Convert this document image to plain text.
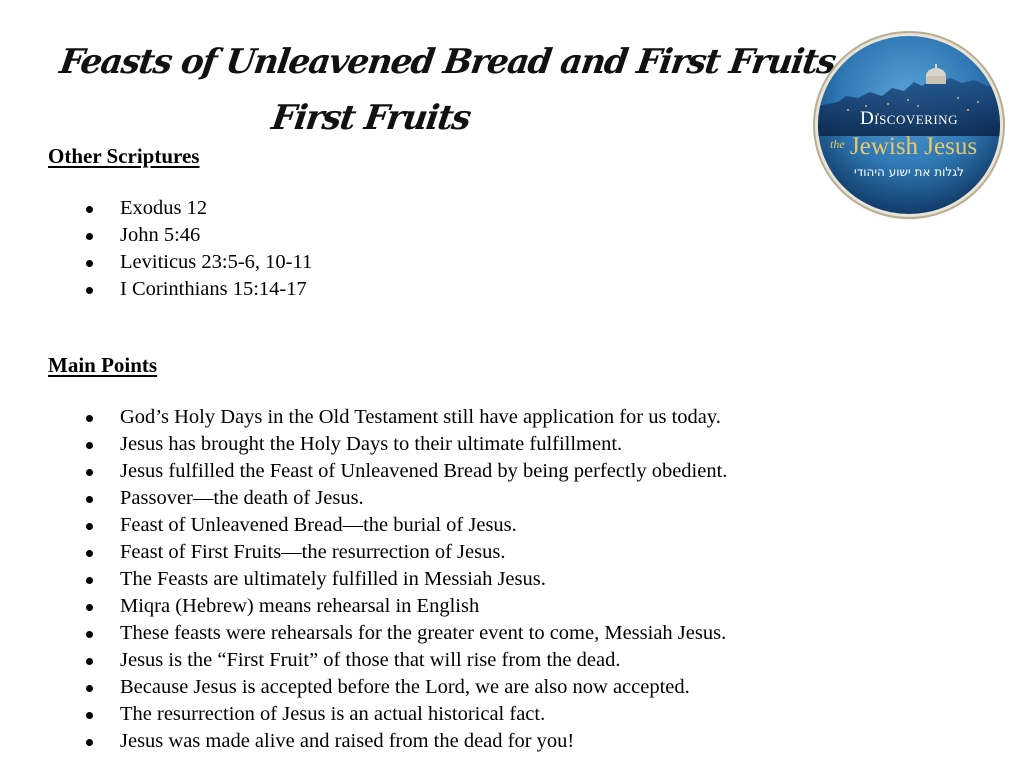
Feasts of Unleavened Bread and First Fruits
First Fruits	Discovering
the Jewish Jesus
לגלות את ישוע היהודי
Other Scriptures
Exodus 12
John 5:46
Leviticus 23:5-6, 10-11
I Corinthians 15:14-17
Main Points
God’s Holy Days in the Old Testament still have application for us today.
Jesus has brought the Holy Days to their ultimate fulfillment.
Jesus fulfilled the Feast of Unleavened Bread by being perfectly obedient.
Passover—the death of Jesus.
Feast of Unleavened Bread—the burial of Jesus.
Feast of First Fruits—the resurrection of Jesus.
The Feasts are ultimately fulfilled in Messiah Jesus.
Miqra (Hebrew) means rehearsal in English
These feasts were rehearsals for the greater event to come, Messiah Jesus.
Jesus is the “First Fruit” of those that will rise from the dead.
Because Jesus is accepted before the Lord, we are also now accepted.
The resurrection of Jesus is an actual historical fact.
Jesus was made alive and raised from the dead for you!
